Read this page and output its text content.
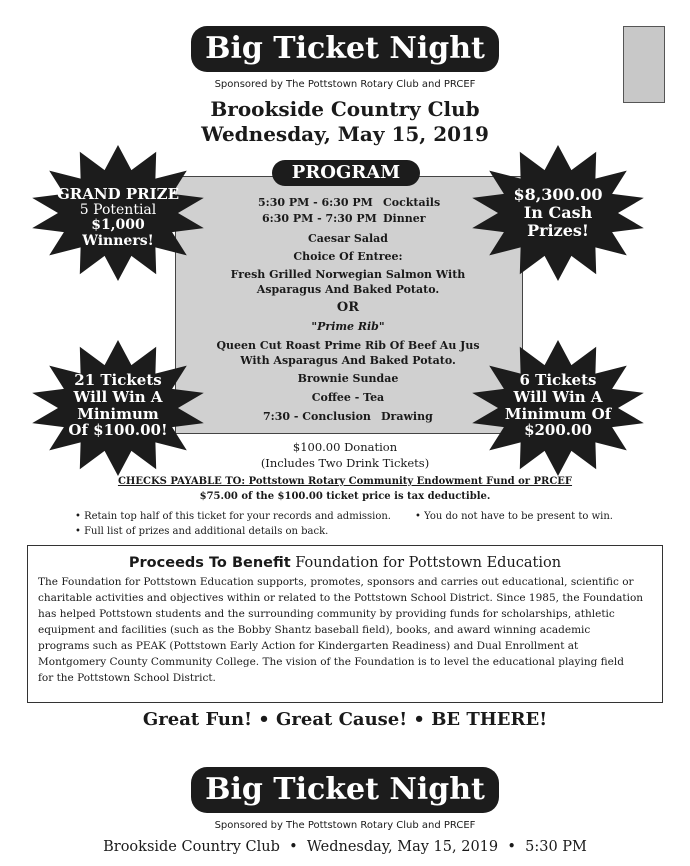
Big Ticket Night
Sponsored by The Pottstown Rotary Club and PRCEF
Brookside Country Club
Wednesday, May 15, 2019
PROGRAM
5:30 PM - 6:30 PM Cocktails
6:30 PM - 7:30 PM Dinner
Caesar Salad
Choice Of Entree:
Fresh Grilled Norwegian Salmon With
Asparagus And Baked Potato.
OR
"Prime Rib"
Queen Cut Roast Prime Rib Of Beef Au Jus
With Asparagus And Baked Potato.
Brownie Sundae
Coffee - Tea
7:30 - Conclusion Drawing
GRAND PRIZE
5 Potential
$1,000 Winners!
$8,300.00
In Cash
Prizes!
21 Tickets
Will Win A
Minimum
Of $100.00!
6 Tickets
Will Win A
Minimum Of
$200.00
$100.00 Donation
(Includes Two Drink Tickets)
CHECKS PAYABLE TO: Pottstown Rotary Community Endowment Fund or PRCEF
$75.00 of the $100.00 ticket price is tax deductible.
• Retain top half of this ticket for your records and admission. • You do not have to be present to win.
• Full list of prizes and additional details on back.
Proceeds To Benefit Foundation for Pottstown Education
The Foundation for Pottstown Education supports, promotes, sponsors and carries out educational, scientific or
charitable activities and objectives within or related to the Pottstown School District. Since 1985, the Foundation
has helped Pottstown students and the surrounding community by providing funds for scholarships, athletic
equipment and facilities (such as the Bobby Shantz baseball field), books, and award winning academic
programs such as PEAK (Pottstown Early Action for Kindergarten Readiness) and Dual Enrollment at
Montgomery County Community College. The vision of the Foundation is to level the educational playing field
for the Pottstown School District.
Great Fun! • Great Cause! • BE THERE!
Big Ticket Night
Sponsored by The Pottstown Rotary Club and PRCEF
Brookside Country Club  •  Wednesday, May 15, 2019  •  5:30 PM
